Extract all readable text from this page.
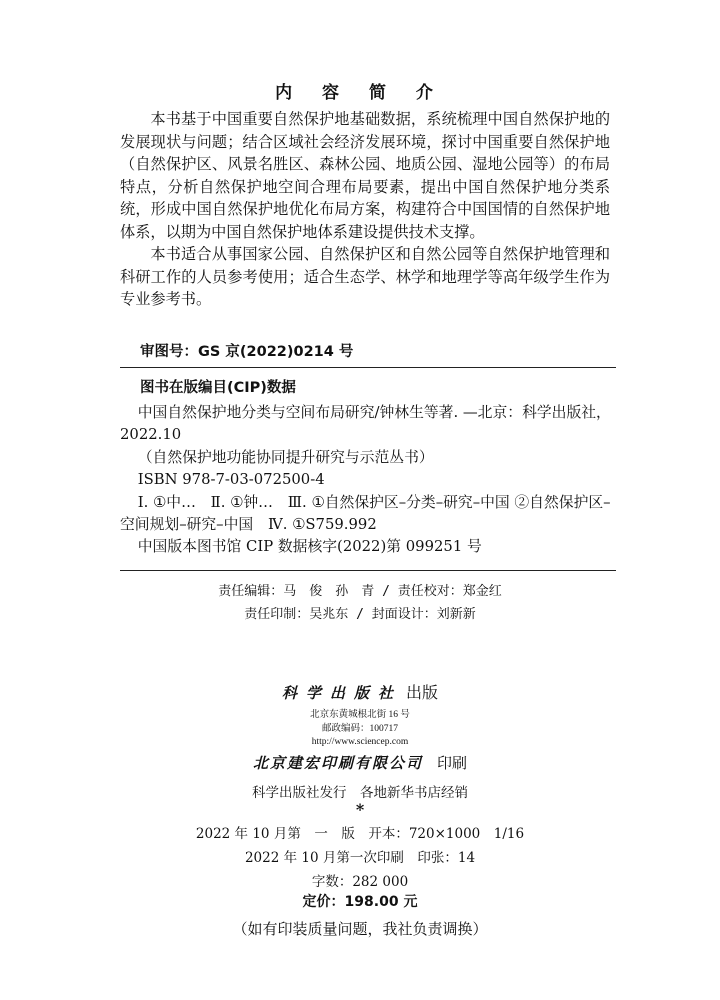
内 容 简 介

本书基于中国重要自然保护地基础数据，系统梳理中国自然保护地的发展现状与问题；结合区域社会经济发展环境，探讨中国重要自然保护地（自然保护区、风景名胜区、森林公园、地质公园、湿地公园等）的布局特点，分析自然保护地空间合理布局要素，提出中国自然保护地分类系统，形成中国自然保护地优化布局方案，构建符合中国国情的自然保护地体系，以期为中国自然保护地体系建设提供技术支撑。

本书适合从事国家公园、自然保护区和自然公园等自然保护地管理和科研工作的人员参考使用；适合生态学、林学和地理学等高年级学生作为专业参考书。

审图号：GS 京(2022)0214 号
图书在版编目(CIP)数据

中国自然保护地分类与空间布局研究/钟林生等著. —北京：科学出版社，2022.10

（自然保护地功能协同提升研究与示范丛书）

ISBN 978-7-03-072500-4

Ⅰ. ①中…　Ⅱ. ①钟…　Ⅲ. ①自然保护区–分类–研究–中国 ②自然保护区–空间规划–研究–中国　Ⅳ. ①S759.992

中国版本图书馆 CIP 数据核字(2022)第 099251 号

责任编辑：马　俊　孙　青 / 责任校对：郑金红
责任印制：吴兆东 / 封面设计：刘新新
科学出版社 出版
北京东黄城根北街 16 号
邮政编码：100717
http://www.sciencep.com
北京建宏印刷有限公司 印刷
科学出版社发行　各地新华书店经销
*
2022 年 10 月第　一　版　开本：720×1000　1/16
2022 年 10 月第一次印刷　印张：14
字数：282 000
定价：198.00 元
（如有印装质量问题，我社负责调换）
